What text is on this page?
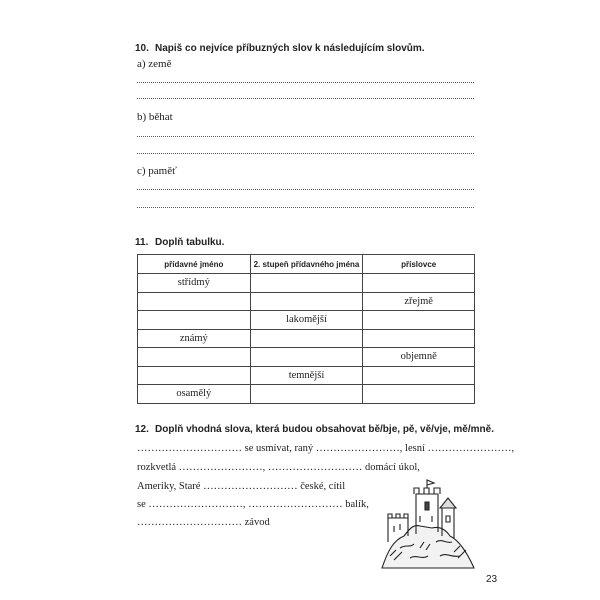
10. Napiš co nejvíce příbuzných slov k následujícím slovům.
a) země
b) běhat
c) paměť
11. Doplň tabulku.
přídavné jméno	2. stupeň přídavného jména	příslovce
střídmý		
		zřejmě
	lakomější	
známý		
		objemně
	temnější	
osamělý		
12. Doplň vhodná slova, která budou obsahovat bě/bje, pě, vě/vje, mě/mně.
………………………… se usmívat, raný ……………………, lesní ……………………,
rozkvetlá ……………………, ……………………… domácí úkol,
Ameriky, Staré ……………………… české, cítil
se ………………………, ……………………… balík,
………………………… závod
23
